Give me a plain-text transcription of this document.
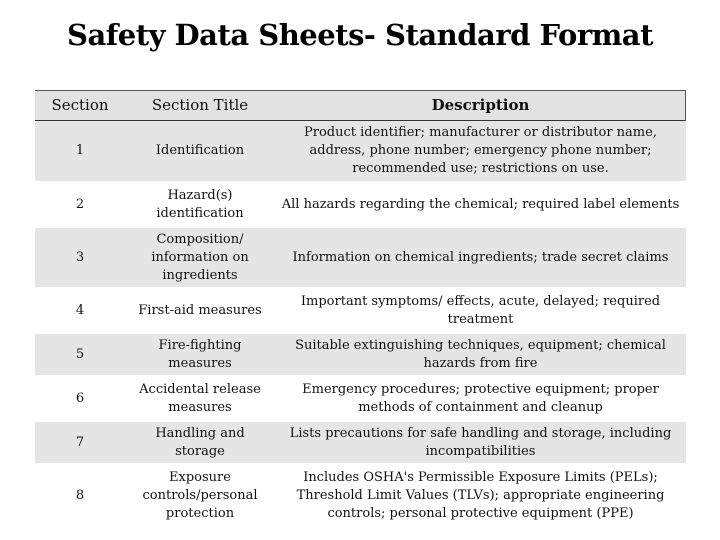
Safety Data Sheets- Standard Format
Section	Section Title	Description
1	Identification	Product identifier; manufacturer or distributor name, address, phone number; emergency phone number; recommended use; restrictions on use.
2	Hazard(s) identification	All hazards regarding the chemical; required label elements
3	Composition/ information on ingredients	Information on chemical ingredients; trade secret claims
4	First-aid measures	Important symptoms/ effects, acute, delayed; required treatment
5	Fire-fighting measures	Suitable extinguishing techniques, equipment; chemical hazards from fire
6	Accidental release measures	Emergency procedures; protective equipment; proper methods of containment and cleanup
7	Handling and storage	Lists precautions for safe handling and storage, including incompatibilities
8	Exposure controls/personal protection	Includes OSHA's Permissible Exposure Limits (PELs); Threshold Limit Values (TLVs); appropriate engineering controls; personal protective equipment (PPE)
